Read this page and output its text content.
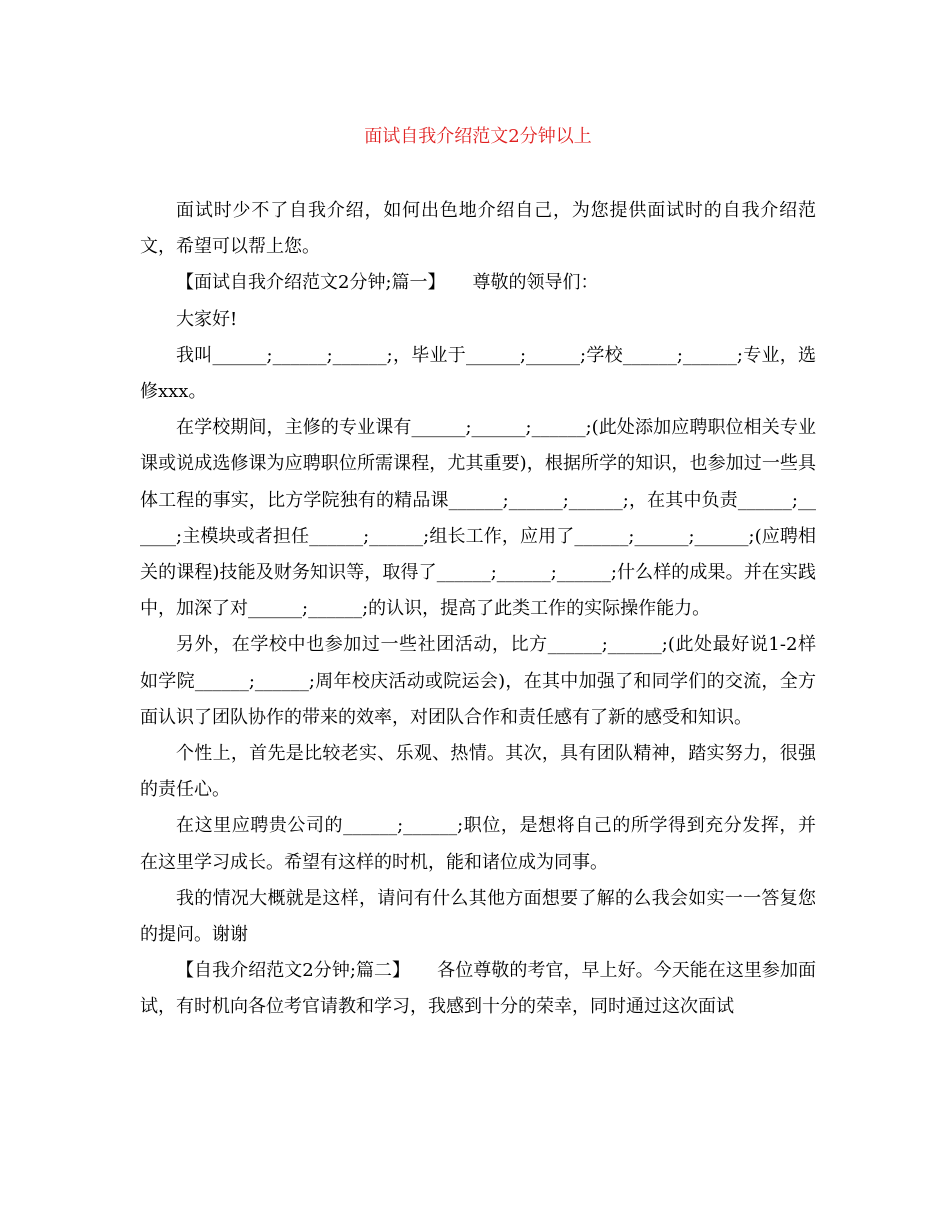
面试自我介绍范文2分钟以上

面试时少不了自我介绍，如何出色地介绍自己，为您提供面试时的自我介绍范文，希望可以帮上您。

【面试自我介绍范文2分钟;篇一】　　尊敬的领导们：

大家好!

我叫______;______;______;，毕业于______;______;学校______;______;专业，选修xxx。

在学校期间，主修的专业课有______;______;______;(此处添加应聘职位相关专业课或说成选修课为应聘职位所需课程，尤其重要)，根据所学的知识，也参加过一些具体工程的事实，比方学院独有的精品课______;______;______;，在其中负责______;______;主模块或者担任______;______;组长工作，应用了______;______;______;(应聘相关的课程)技能及财务知识等，取得了______;______;______;什么样的成果。并在实践中，加深了对______;______;的认识，提高了此类工作的实际操作能力。

另外，在学校中也参加过一些社团活动，比方______;______;(此处最好说1-2样如学院______;______;周年校庆活动或院运会)，在其中加强了和同学们的交流，全方面认识了团队协作的带来的效率，对团队合作和责任感有了新的感受和知识。

个性上，首先是比较老实、乐观、热情。其次，具有团队精神，踏实努力，很强的责任心。

在这里应聘贵公司的______;______;职位，是想将自己的所学得到充分发挥，并在这里学习成长。希望有这样的时机，能和诸位成为同事。

我的情况大概就是这样，请问有什么其他方面想要了解的么我会如实一一答复您的提问。谢谢

【自我介绍范文2分钟;篇二】　　各位尊敬的考官，早上好。今天能在这里参加面试，有时机向各位考官请教和学习，我感到十分的荣幸，同时通过这次面试
